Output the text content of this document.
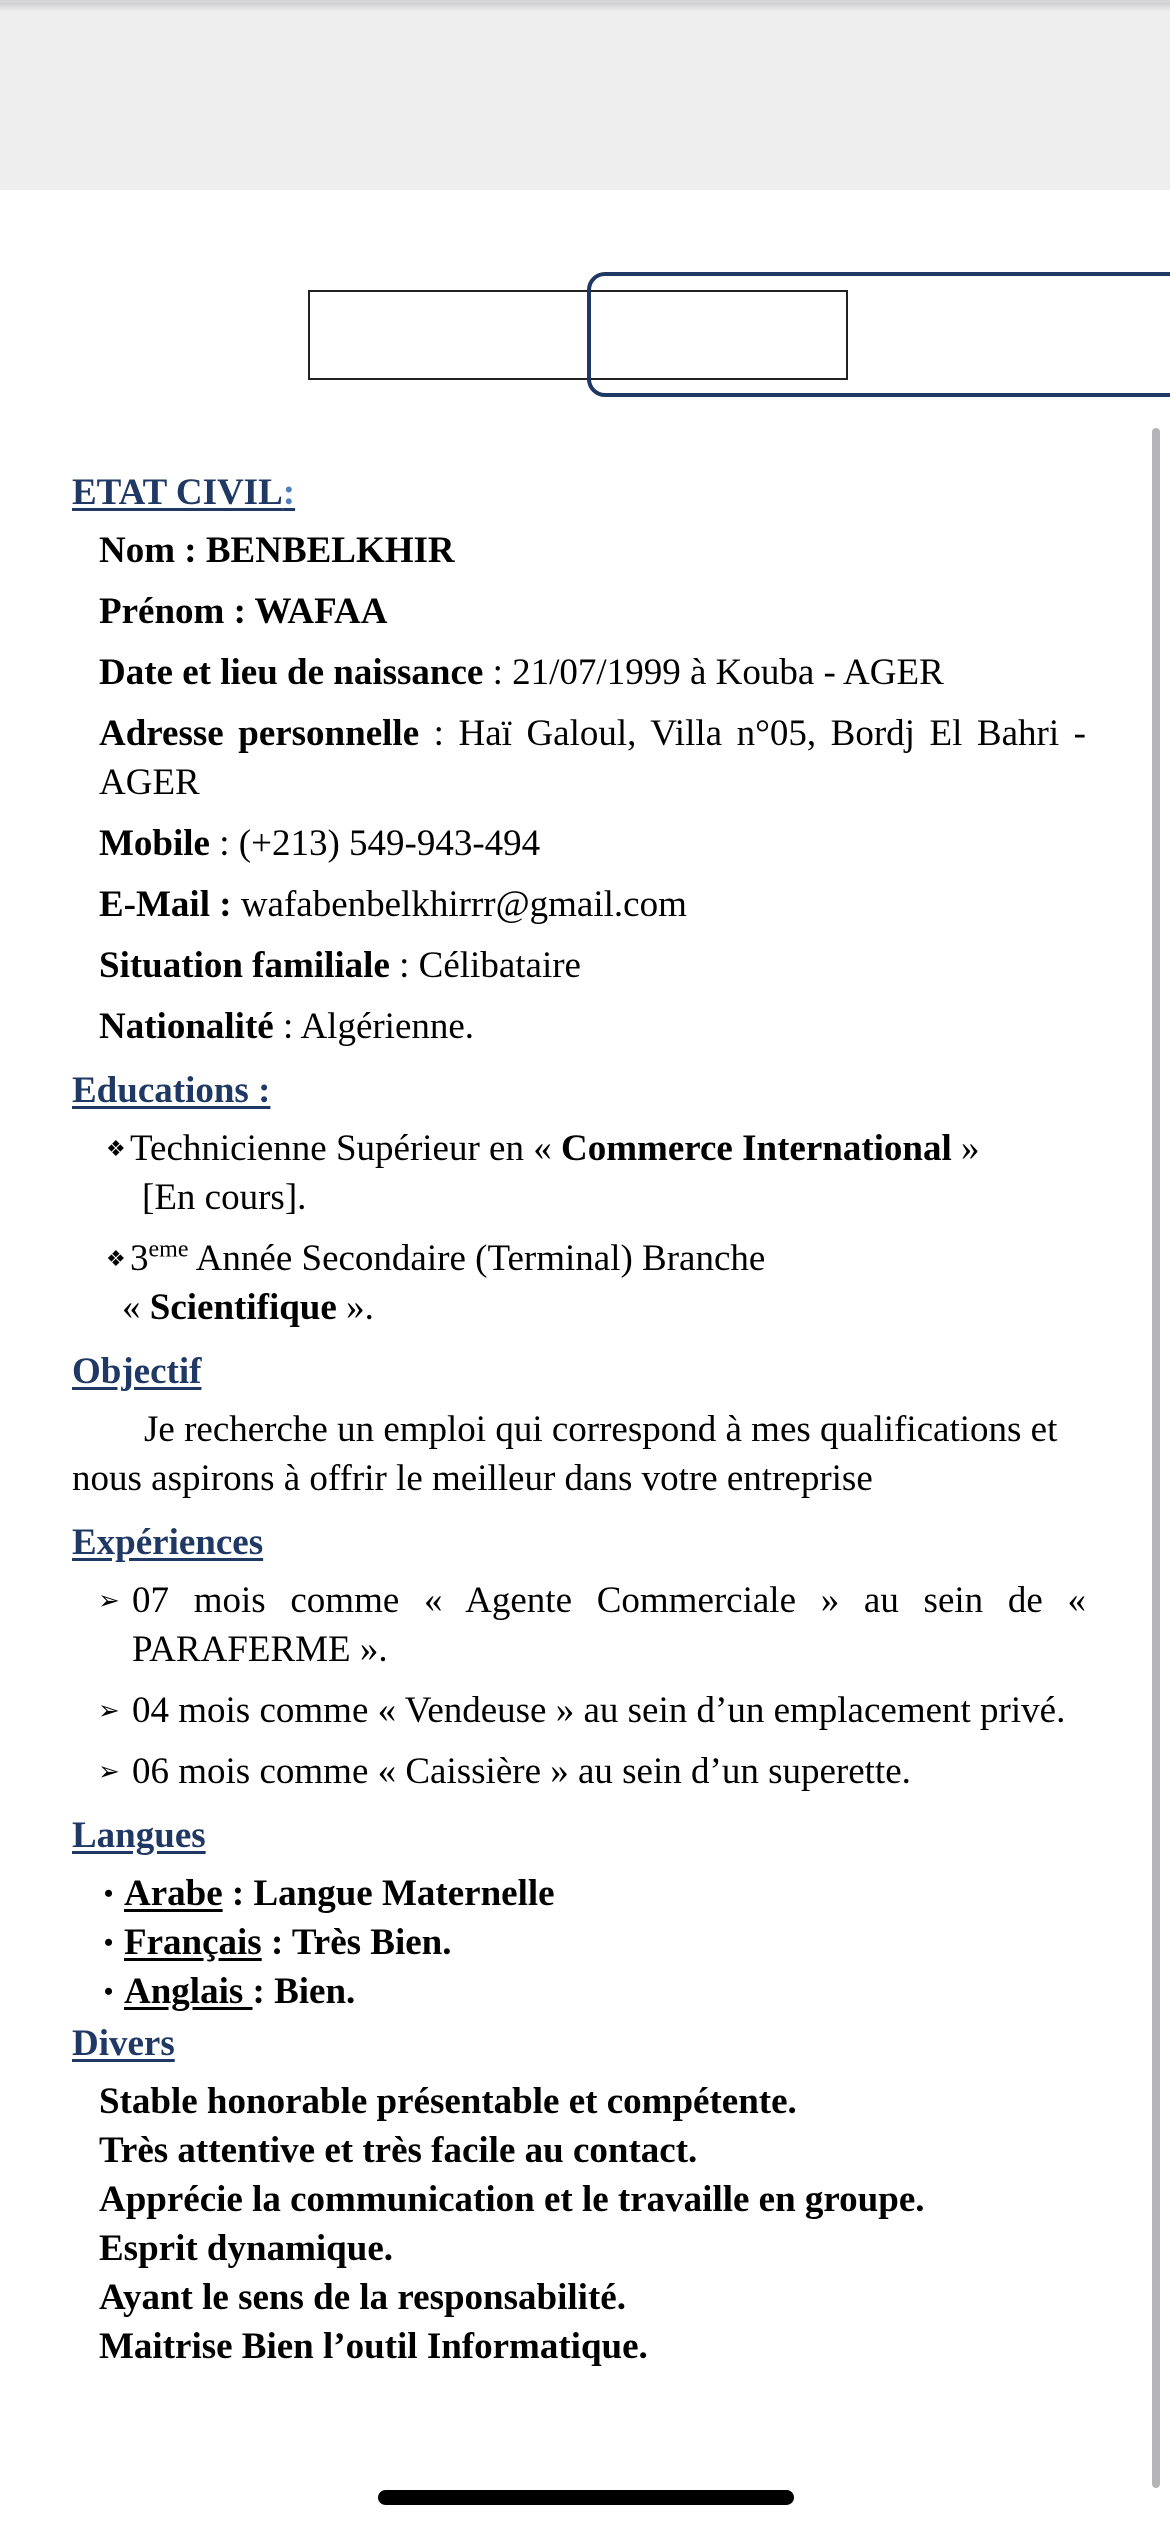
ETAT CIVIL:
Nom : BENBELKHIR
Prénom : WAFAA
Date et lieu de naissance : 21/07/1999 à Kouba - AGER
Adresse personnelle : Haï Galoul, Villa n°05, Bordj El Bahri - AGER
Mobile : (+213) 549-943-494
E-Mail : wafabenbelkhirrr@gmail.com
Situation familiale : Célibataire
Nationalité : Algérienne.
Educations :
❖ Technicienne Supérieur en « Commerce International »
[En cours].
❖ 3eme Année Secondaire (Terminal) Branche
« Scientifique ».
Objectif
Je recherche un emploi qui correspond à mes qualifications et nous aspirons à offrir le meilleur dans votre entreprise
Expériences
➢ 07 mois comme « Agente Commerciale » au sein de « PARAFERME ».
➢ 04 mois comme « Vendeuse » au sein d’un emplacement privé.
➢ 06 mois comme « Caissière » au sein d’un superette.
Langues
• Arabe : Langue Maternelle
• Français : Très Bien.
• Anglais : Bien.
Divers
Stable honorable présentable et compétente.
Très attentive et très facile au contact.
Apprécie la communication et le travaille en groupe.
Esprit dynamique.
Ayant le sens de la responsabilité.
Maitrise Bien l’outil Informatique.
